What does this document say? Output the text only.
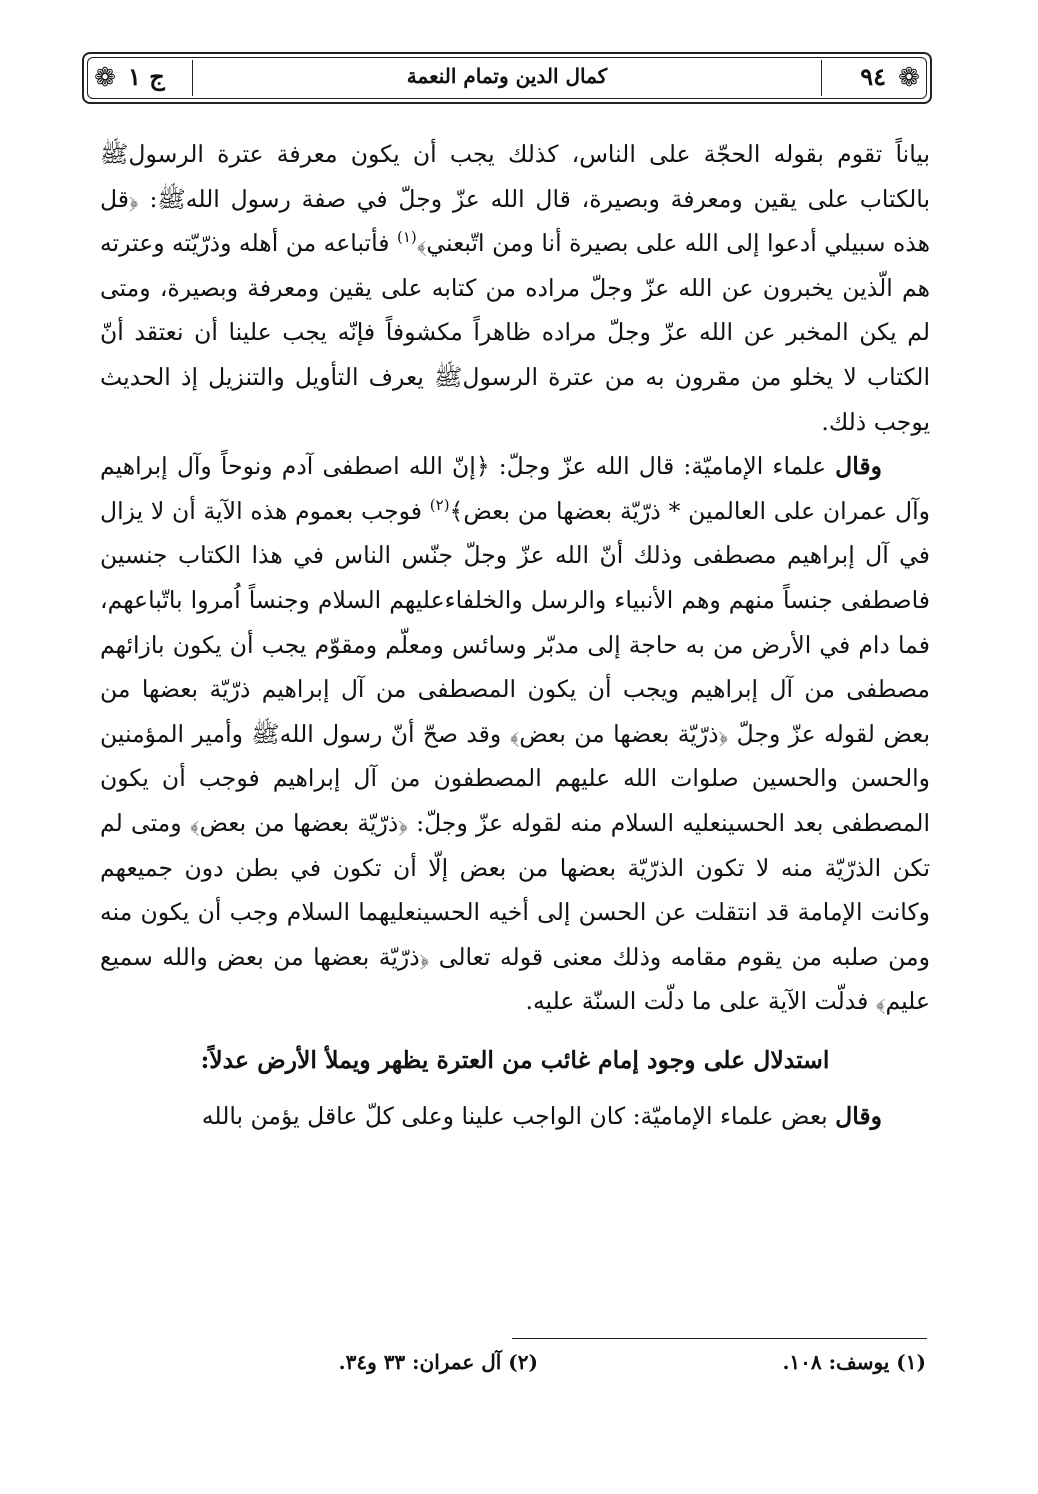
❁
٩٤
كمال الدين وتمام النعمة
ج ١
❁

بياناً تقوم بقوله الحجّة على الناس، كذلك يجب أن يكون معرفة عترة الرسولﷺ بالكتاب على يقين ومعرفة وبصيرة، قال الله عزّ وجلّ في صفة رسول اللهﷺ: ﴿قل هذه سبيلي أدعوا إلى الله على بصيرة أنا ومن اتّبعني﴾$^{(١)}$ فأتباعه من أهله وذرّيّته وعترته هم الّذين يخبرون عن الله عزّ وجلّ مراده من كتابه على يقين ومعرفة وبصيرة، ومتى لم يكن المخبر عن الله عزّ وجلّ مراده ظاهراً مكشوفاً فإنّه يجب علينا أن نعتقد أنّ الكتاب لا يخلو من مقرون به من عترة الرسولﷺ يعرف التأويل والتنزيل إذ الحديث يوجب ذلك.

وقال علماء الإماميّة: قال الله عزّ وجلّ: ﴿إنّ الله اصطفى آدم ونوحاً وآل إبراهيم وآل عمران على العالمين * ذرّيّة بعضها من بعض﴾$^{(٢)}$ فوجب بعموم هذه الآية أن لا يزال في آل إبراهيم مصطفى وذلك أنّ الله عزّ وجلّ جنّس الناس في هذا الكتاب جنسين فاصطفى جنساً منهم وهم الأنبياء والرسل والخلفاءعليهم السلام وجنساً اُمروا باتّباعهم، فما دام في الأرض من به حاجة إلى مدبّر وسائس ومعلّم ومقوّم يجب أن يكون بازائهم مصطفى من آل إبراهيم ويجب أن يكون المصطفى من آل إبراهيم ذرّيّة بعضها من بعض لقوله عزّ وجلّ ﴿ذرّيّة بعضها من بعض﴾ وقد صحّ أنّ رسول اللهﷺ وأمير المؤمنين والحسن والحسين صلوات الله عليهم المصطفون من آل إبراهيم فوجب أن يكون المصطفى بعد الحسينعليه السلام منه لقوله عزّ وجلّ: ﴿ذرّيّة بعضها من بعض﴾ ومتى لم تكن الذرّيّة منه لا تكون الذرّيّة بعضها من بعض إلّا أن تكون في بطن دون جميعهم وكانت الإمامة قد انتقلت عن الحسن إلى أخيه الحسينعليهما السلام وجب أن يكون منه ومن صلبه من يقوم مقامه وذلك معنى قوله تعالى ﴿ذرّيّة بعضها من بعض والله سميع عليم﴾ فدلّت الآية على ما دلّت السنّة عليه.

استدلال على وجود إمام غائب من العترة يظهر ويملأ الأرض عدلاً:

وقال بعض علماء الإماميّة: كان الواجب علينا وعلى كلّ عاقل يؤمن بالله

(١) يوسف: ١٠٨.
(٢) آل عمران: ٣٣ و٣٤.
